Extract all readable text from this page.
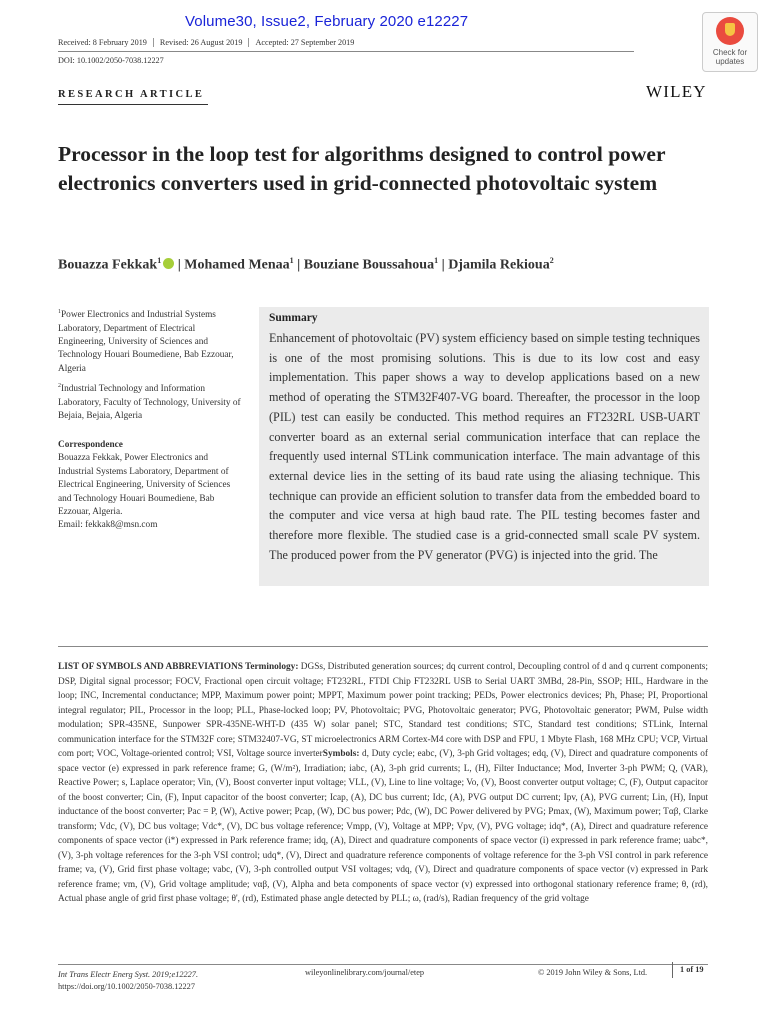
Volume30, Issue2, February 2020 e12227
Received: 8 February 2019	Revised: 26 August 2019	Accepted: 27 September 2019
DOI: 10.1002/2050-7038.12227
Check for updates
RESEARCH ARTICLE	WILEY
Processor in the loop test for algorithms designed to control power electronics converters used in grid-connected photovoltaic system
Bouazza Fekkak$^1$ | Mohamed Menaa$^1$ | Bouziane Boussahoua$^1$ | Djamila Rekioua$^2$
$^1$Power Electronics and Industrial Systems Laboratory, Department of Electrical Engineering, University of Sciences and Technology Houari Boumediene, Bab Ezzouar, Algeria
$^2$Industrial Technology and Information Laboratory, Faculty of Technology, University of Bejaia, Bejaia, Algeria
Correspondence
Bouazza Fekkak, Power Electronics and Industrial Systems Laboratory, Department of Electrical Engineering, University of Sciences and Technology Houari Boumediene, Bab Ezzouar, Algeria.
Email: fekkak8@msn.com
Summary
Enhancement of photovoltaic (PV) system efficiency based on simple testing techniques is one of the most promising solutions. This is due to its low cost and easy implementation. This paper shows a way to develop applications based on a new method of operating the STM32F407-VG board. Thereafter, the processor in the loop (PIL) test can easily be conducted. This method requires an FT232RL USB-UART converter board as an external serial communication interface that can replace the frequently used internal STLink communication interface. The main advantage of this external device lies in the setting of its baud rate using the aliasing technique. This technique can provide an efficient solution to transfer data from the embedded board to the computer and vice versa at high baud rate. The PIL testing becomes faster and therefore more flexible. The studied case is a grid-connected small scale PV system. The produced power from the PV generator (PVG) is injected into the grid. The
LIST OF SYMBOLS AND ABBREVIATIONS Terminology: DGSs, Distributed generation sources; dq current control, Decoupling control of d and q current components; DSP, Digital signal processor; FOCV, Fractional open circuit voltage; FT232RL, FTDI Chip FT232RL USB to Serial UART 3MBd, 28-Pin, SSOP; HIL, Hardware in the loop; INC, Incremental conductance; MPP, Maximum power point; MPPT, Maximum power point tracking; PEDs, Power electronics devices; Ph, Phase; PI, Proportional integral regulator; PIL, Processor in the loop; PLL, Phase-locked loop; PV, Photovoltaic; PVG, Photovoltaic generator; PVG, Photovoltaic generator; PWM, Pulse width modulation; SPR-435NE, Sunpower SPR-435NE-WHT-D (435 W) solar panel; STC, Standard test conditions; STC, Standard test conditions; STLink, Internal communication interface for the STM32F core; STM32407-VG, ST microelectronics ARM Cortex-M4 core with DSP and FPU, 1 Mbyte Flash, 168 MHz CPU; VCP, Virtual com port; VOC, Voltage-oriented control; VSI, Voltage source inverterSymbols: d, Duty cycle; eabc, (V), 3-ph Grid voltages; edq, (V), Direct and quadrature components of space vector (e) expressed in park reference frame; G, (W/m²), Irradiation; iabc, (A), 3-ph grid currents; L, (H), Filter Inductance; Mod, Inverter 3-ph PWM; Q, (VAR), Reactive Power; s, Laplace operator; Vin, (V), Boost converter input voltage; VLL, (V), Line to line voltage; Vo, (V), Boost converter output voltage; C, (F), Output capacitor of the boost converter; Cin, (F), Input capacitor of the boost converter; Icap, (A), DC bus current; Idc, (A), PVG output DC current; Ipv, (A), PVG current; Lin, (H), Input inductance of the boost converter; Pac = P, (W), Active power; Pcap, (W), DC bus power; Pdc, (W), DC Power delivered by PVG; Pmax, (W), Maximum power; Tαβ, Clarke transform; Vdc, (V), DC bus voltage; Vdc*, (V), DC bus voltage reference; Vmpp, (V), Voltage at MPP; Vpv, (V), PVG voltage; idq*, (A), Direct and quadrature reference components of space vector (i*) expressed in Park reference frame; idq, (A), Direct and quadrature components of space vector (i) expressed in park reference frame; uabc*, (V), 3-ph voltage references for the 3-ph VSI control; udq*, (V), Direct and quadrature reference components of voltage reference for the 3-ph VSI control in park reference frame; va, (V), Grid first phase voltage; vabc, (V), 3-ph controlled output VSI voltages; vdq, (V), Direct and quadrature components of space vector (v) expressed in Park reference frame; vm, (V), Grid voltage amplitude; vαβ, (V), Alpha and beta components of space vector (v) expressed into orthogonal stationary reference frame; θ, (rd), Actual phase angle of grid first phase voltage; θ', (rd), Estimated phase angle detected by PLL; ω, (rad/s), Radian frequency of the grid voltage
Int Trans Electr Energ Syst. 2019;e12227.
https://doi.org/10.1002/2050-7038.12227
wileyonlinelibrary.com/journal/etep	© 2019 John Wiley & Sons, Ltd.	1 of 19
